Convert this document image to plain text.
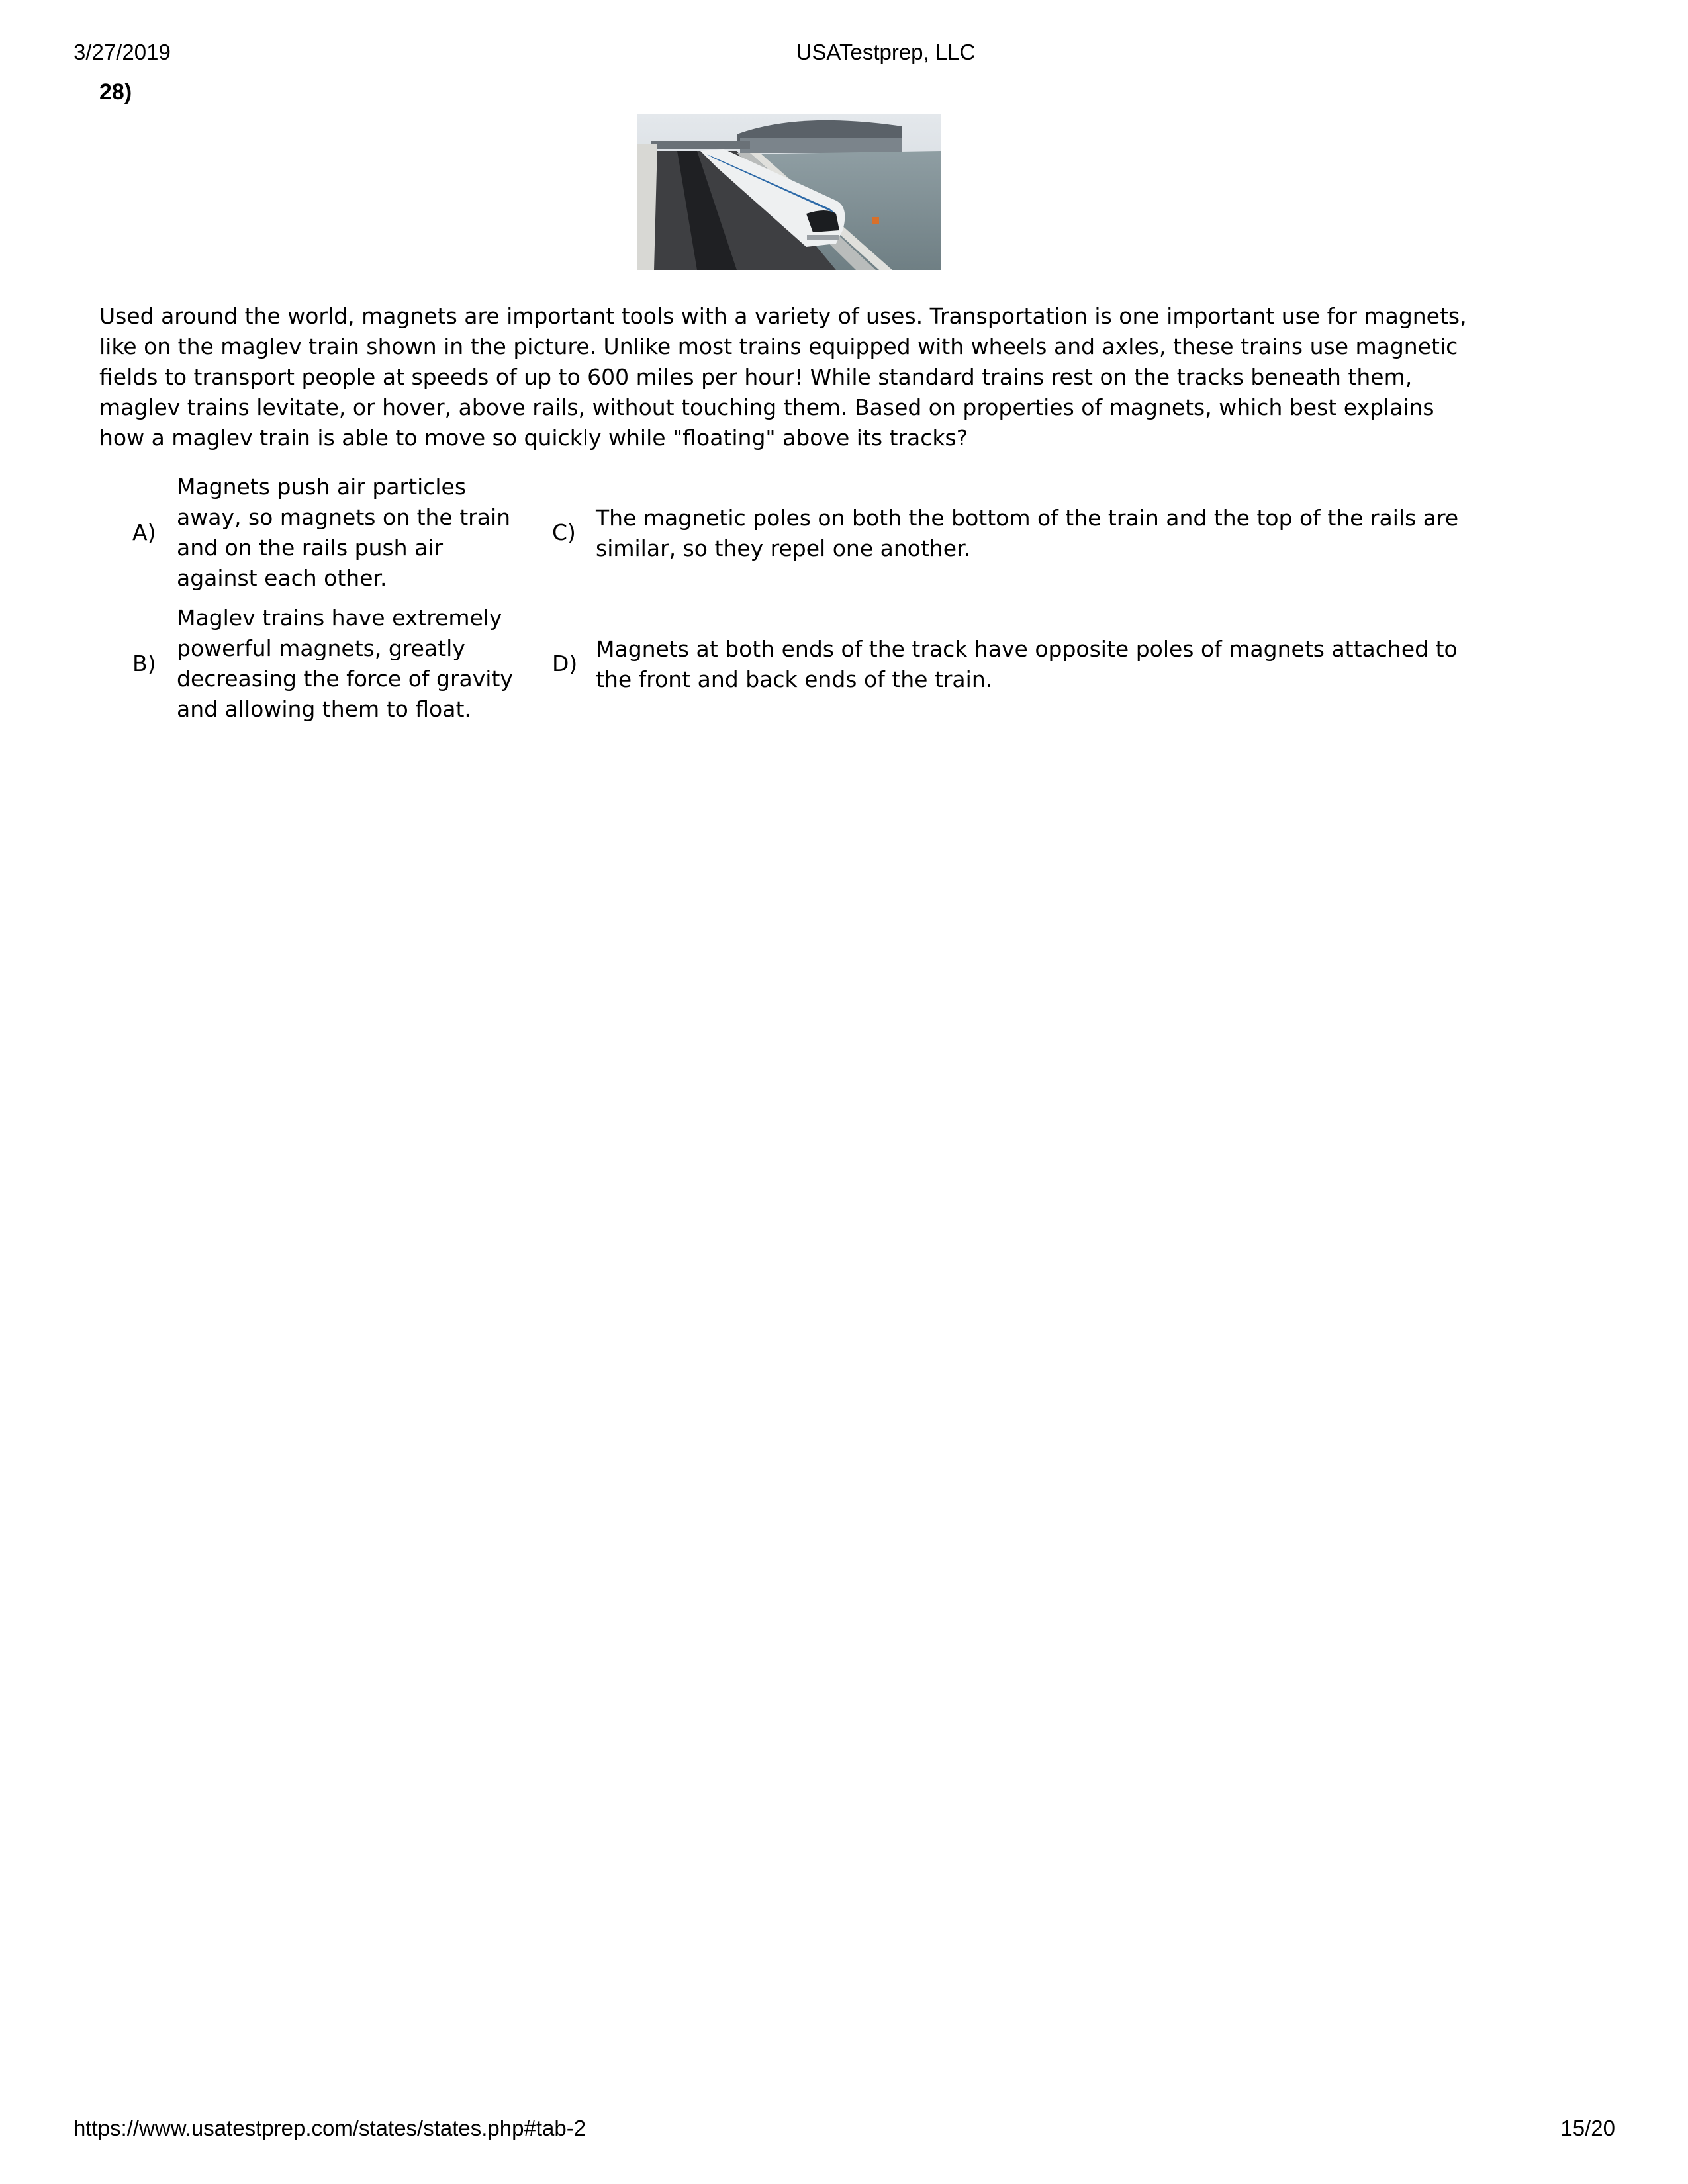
3/27/2019	USATestprep, LLC
28)
Used around the world, magnets are important tools with a variety of uses. Transportation is one important use for magnets, like on the maglev train shown in the picture. Unlike most trains equipped with wheels and axles, these trains use magnetic fields to transport people at speeds of up to 600 miles per hour! While standard trains rest on the tracks beneath them, maglev trains levitate, or hover, above rails, without touching them. Based on properties of magnets, which best explains how a maglev train is able to move so quickly while "floating" above its tracks?
A)
Magnets push air particles away, so magnets on the train and on the rails push air against each other.
B)
Maglev trains have extremely powerful magnets, greatly decreasing the force of gravity and allowing them to float.
C)
The magnetic poles on both the bottom of the train and the top of the rails are similar, so they repel one another.
D)
Magnets at both ends of the track have opposite poles of magnets attached to the front and back ends of the train.
https://www.usatestprep.com/states/states.php#tab-2	15/20
